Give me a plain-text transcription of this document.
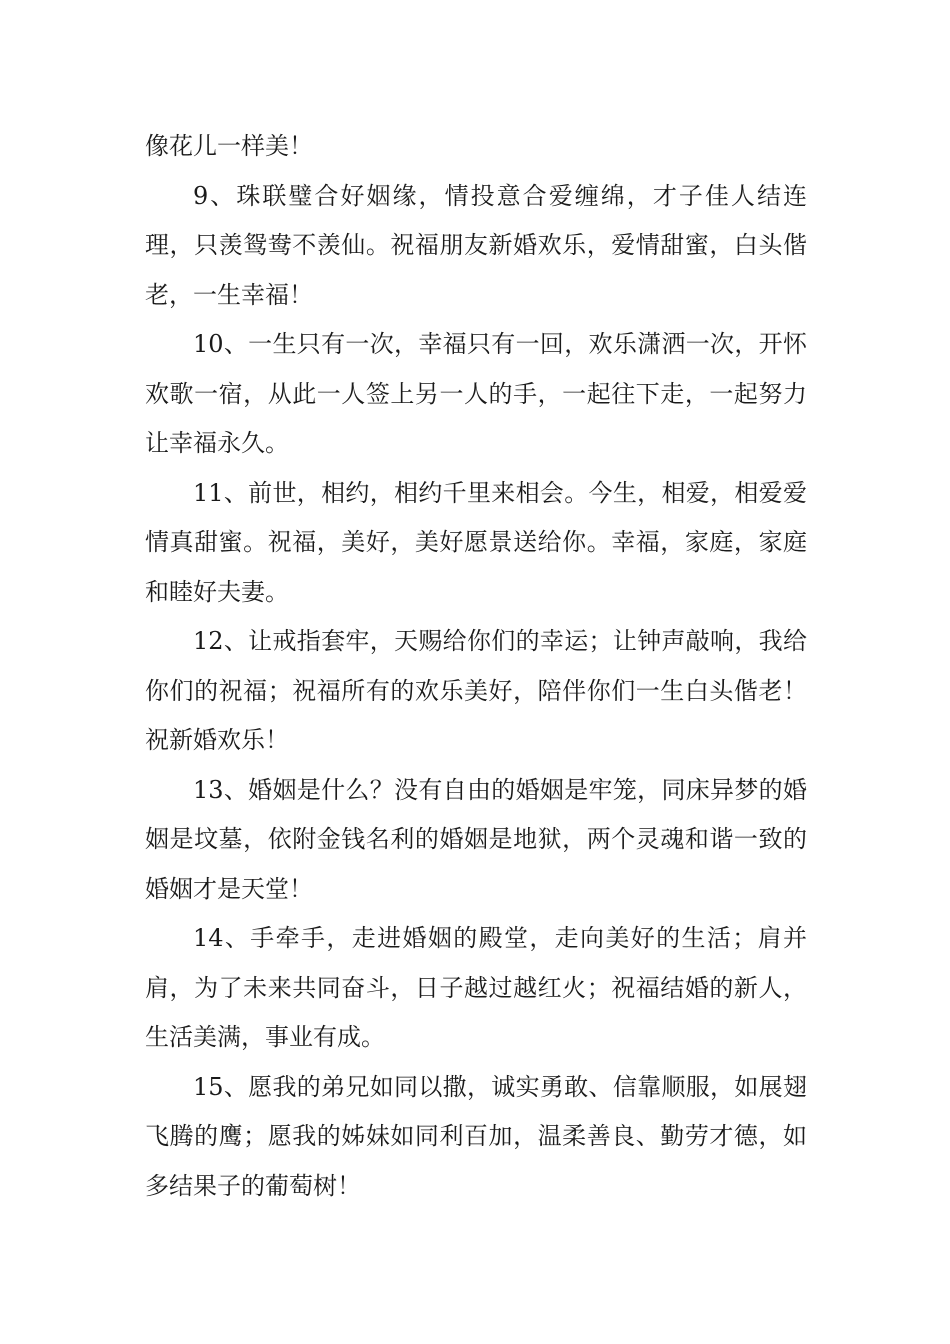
像花儿一样美！

9、珠联璧合好姻缘，情投意合爱缠绵，才子佳人结连理，只羡鸳鸯不羡仙。祝福朋友新婚欢乐，爱情甜蜜，白头偕老，一生幸福！

10、一生只有一次，幸福只有一回，欢乐潇洒一次，开怀欢歌一宿，从此一人签上另一人的手，一起往下走，一起努力让幸福永久。

11、前世，相约，相约千里来相会。今生，相爱，相爱爱情真甜蜜。祝福，美好，美好愿景送给你。幸福，家庭，家庭和睦好夫妻。

12、让戒指套牢，天赐给你们的幸运；让钟声敲响，我给你们的祝福；祝福所有的欢乐美好，陪伴你们一生白头偕老！祝新婚欢乐！

13、婚姻是什么？没有自由的婚姻是牢笼，同床异梦的婚姻是坟墓，依附金钱名利的婚姻是地狱，两个灵魂和谐一致的婚姻才是天堂！

14、手牵手，走进婚姻的殿堂，走向美好的生活；肩并肩，为了未来共同奋斗，日子越过越红火；祝福结婚的新人，生活美满，事业有成。

15、愿我的弟兄如同以撒，诚实勇敢、信靠顺服，如展翅飞腾的鹰；愿我的姊妹如同利百加，温柔善良、勤劳才德，如多结果子的葡萄树！
